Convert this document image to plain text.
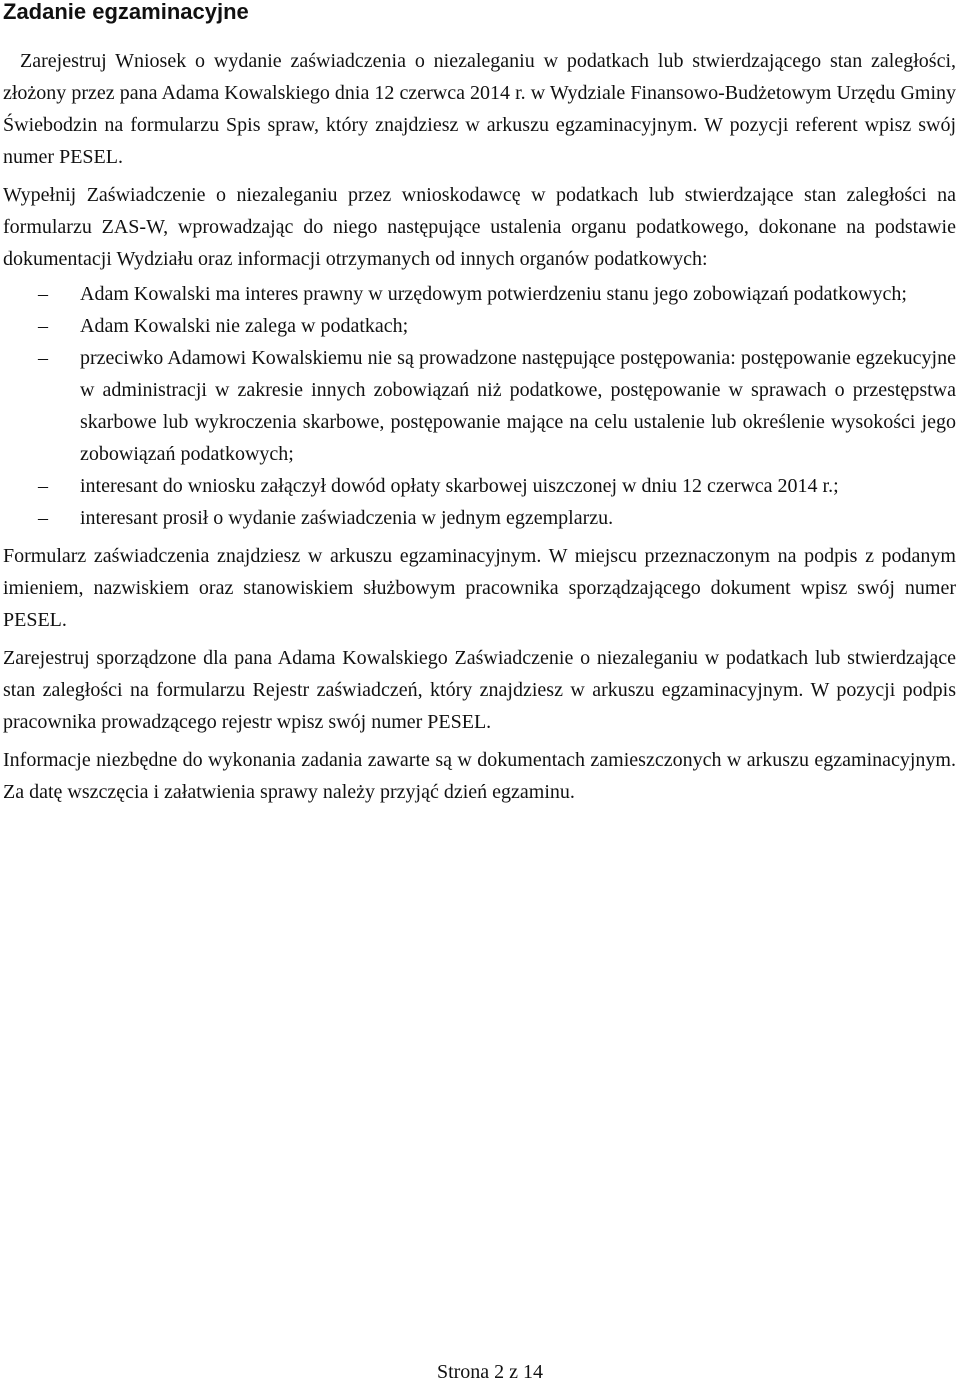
Zadanie egzaminacyjne

Zarejestruj Wniosek o wydanie zaświadczenia o niezaleganiu w podatkach lub stwierdzającego stan zaległości, złożony przez pana Adama Kowalskiego dnia 12 czerwca 2014 r. w Wydziale Finansowo-Budżetowym Urzędu Gminy Świebodzin na formularzu Spis spraw, który znajdziesz w arkuszu egzaminacyjnym. W pozycji referent wpisz swój numer PESEL.

Wypełnij Zaświadczenie o niezaleganiu przez wnioskodawcę w podatkach lub stwierdzające stan zaległości na formularzu ZAS-W, wprowadzając do niego następujące ustalenia organu podatkowego, dokonane na podstawie dokumentacji Wydziału oraz informacji otrzymanych od innych organów podatkowych:

–	Adam Kowalski ma interes prawny w urzędowym potwierdzeniu stanu jego zobowiązań podatkowych;
–	Adam Kowalski nie zalega w podatkach;
–	przeciwko Adamowi Kowalskiemu nie są prowadzone następujące postępowania: postępowanie egzekucyjne w administracji w zakresie innych zobowiązań niż podatkowe, postępowanie w sprawach o przestępstwa skarbowe lub wykroczenia skarbowe, postępowanie mające na celu ustalenie lub określenie wysokości jego zobowiązań podatkowych;
–	interesant do wniosku załączył dowód opłaty skarbowej uiszczonej w dniu 12 czerwca 2014 r.;
–	interesant prosił o wydanie zaświadczenia w jednym egzemplarzu.

Formularz zaświadczenia znajdziesz w arkuszu egzaminacyjnym. W miejscu przeznaczonym na podpis z podanym imieniem, nazwiskiem oraz stanowiskiem służbowym pracownika sporządzającego dokument wpisz swój numer PESEL.

Zarejestruj sporządzone dla pana Adama Kowalskiego Zaświadczenie o niezaleganiu w podatkach lub stwierdzające stan zaległości na formularzu Rejestr zaświadczeń, który znajdziesz w arkuszu egzaminacyjnym. W pozycji podpis pracownika prowadzącego rejestr wpisz swój numer PESEL.

Informacje niezbędne do wykonania zadania zawarte są w dokumentach zamieszczonych w arkuszu egzaminacyjnym. Za datę wszczęcia i załatwienia sprawy należy przyjąć dzień egzaminu.

Strona 2 z 14
